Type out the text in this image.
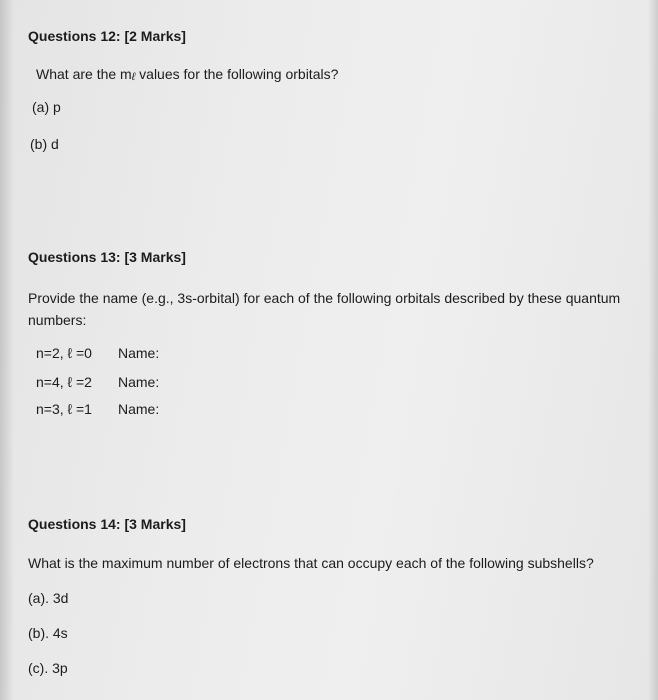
Questions 12: [2 Marks]
What are the mℓ values for the following orbitals?
(a) p
(b) d
Questions 13: [3 Marks]
Provide the name (e.g., 3s-orbital) for each of the following orbitals described by these quantum numbers:
n=2, ℓ =0 Name:
n=4, ℓ =2 Name:
n=3, ℓ =1 Name:
Questions 14: [3 Marks]
What is the maximum number of electrons that can occupy each of the following subshells?
(a). 3d
(b). 4s
(c). 3p
